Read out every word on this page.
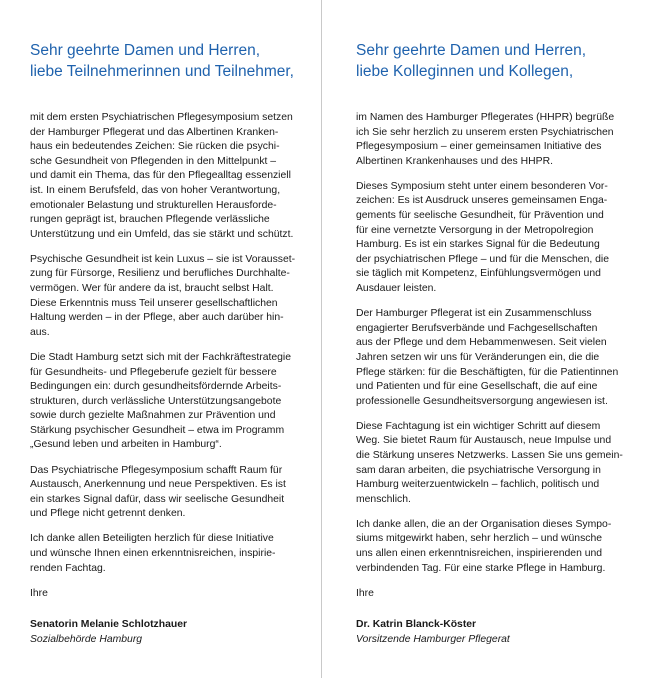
Sehr geehrte Damen und Herren,
liebe Teilnehmerinnen und Teilnehmer,

mit dem ersten Psychiatrischen Pflegesymposium setzen
der Hamburger Pflegerat und das Albertinen Kranken-
haus ein bedeutendes Zeichen: Sie rücken die psychi-
sche Gesundheit von Pflegenden in den Mittelpunkt –
und damit ein Thema, das für den Pflegealltag essenziell
ist. In einem Berufsfeld, das von hoher Verantwortung,
emotionaler Belastung und strukturellen Herausforde-
rungen geprägt ist, brauchen Pflegende verlässliche
Unterstützung und ein Umfeld, das sie stärkt und schützt.

Psychische Gesundheit ist kein Luxus – sie ist Vorausset-
zung für Fürsorge, Resilienz und berufliches Durchhalte-
vermögen. Wer für andere da ist, braucht selbst Halt.
Diese Erkenntnis muss Teil unserer gesellschaftlichen
Haltung werden – in der Pflege, aber auch darüber hin-
aus.

Die Stadt Hamburg setzt sich mit der Fachkräftestrategie
für Gesundheits- und Pflegeberufe gezielt für bessere
Bedingungen ein: durch gesundheitsfördernde Arbeits-
strukturen, durch verlässliche Unterstützungsangebote
sowie durch gezielte Maßnahmen zur Prävention und
Stärkung psychischer Gesundheit – etwa im Programm
„Gesund leben und arbeiten in Hamburg“.

Das Psychiatrische Pflegesymposium schafft Raum für
Austausch, Anerkennung und neue Perspektiven. Es ist
ein starkes Signal dafür, dass wir seelische Gesundheit
und Pflege nicht getrennt denken.

Ich danke allen Beteiligten herzlich für diese Initiative
und wünsche Ihnen einen erkenntnisreichen, inspirie-
renden Fachtag.

Ihre

Senatorin Melanie Schlotzhauer

Sozialbehörde Hamburg

Sehr geehrte Damen und Herren,
liebe Kolleginnen und Kollegen,

im Namen des Hamburger Pflegerates (HHPR) begrüße
ich Sie sehr herzlich zu unserem ersten Psychiatrischen
Pflegesymposium – einer gemeinsamen Initiative des
Albertinen Krankenhauses und des HHPR.

Dieses Symposium steht unter einem besonderen Vor-
zeichen: Es ist Ausdruck unseres gemeinsamen Enga-
gements für seelische Gesundheit, für Prävention und
für eine vernetzte Versorgung in der Metropolregion
Hamburg. Es ist ein starkes Signal für die Bedeutung
der psychiatrischen Pflege – und für die Menschen, die
sie täglich mit Kompetenz, Einfühlungsvermögen und
Ausdauer leisten.

Der Hamburger Pflegerat ist ein Zusammenschluss
engagierter Berufsverbände und Fachgesellschaften
aus der Pflege und dem Hebammenwesen. Seit vielen
Jahren setzen wir uns für Veränderungen ein, die die
Pflege stärken: für die Beschäftigten, für die Patientinnen
und Patienten und für eine Gesellschaft, die auf eine
professionelle Gesundheitsversorgung angewiesen ist.

Diese Fachtagung ist ein wichtiger Schritt auf diesem
Weg. Sie bietet Raum für Austausch, neue Impulse und
die Stärkung unseres Netzwerks. Lassen Sie uns gemein-
sam daran arbeiten, die psychiatrische Versorgung in
Hamburg weiterzuentwickeln – fachlich, politisch und
menschlich.

Ich danke allen, die an der Organisation dieses Sympo-
siums mitgewirkt haben, sehr herzlich – und wünsche
uns allen einen erkenntnisreichen, inspirierenden und
verbindenden Tag. Für eine starke Pflege in Hamburg.

Ihre

Dr. Katrin Blanck-Köster

Vorsitzende Hamburger Pflegerat
